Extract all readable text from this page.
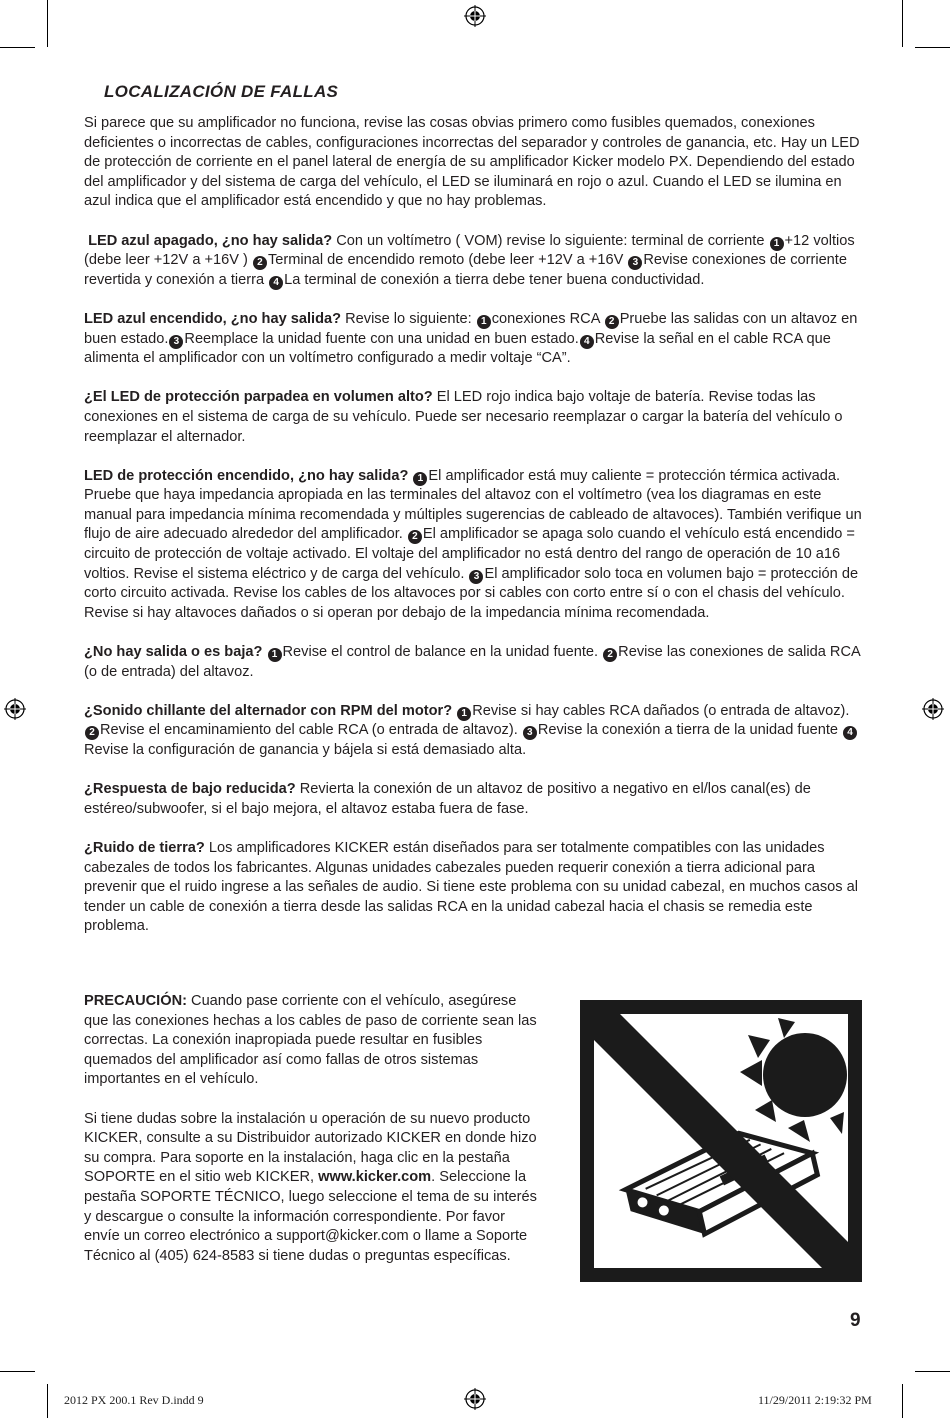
LOCALIZACIÓN DE FALLAS

Si parece que su amplificador no funciona, revise las cosas obvias primero como fusibles quemados, conexiones deficientes o incorrectas de cables, configuraciones incorrectas del separador y controles de ganancia, etc. Hay un LED de protección de corriente en el panel lateral de energía de su amplificador Kicker modelo PX. Dependiendo del estado del amplificador y del sistema de carga del vehículo, el LED se iluminará en rojo o azul. Cuando el LED se ilumina en azul indica que el amplificador está encendido y que no hay problemas.

LED azul apagado, ¿no hay salida? Con un voltímetro ( VOM) revise lo siguiente: terminal de corriente 1 +12 voltios (debe leer +12V a +16V ) 2 Terminal de encendido remoto (debe leer +12V a +16V 3 Revise conexiones de corriente revertida y conexión a tierra 4 La terminal de conexión a tierra debe tener buena conductividad.

LED azul encendido, ¿no hay salida? Revise lo siguiente: 1 conexiones RCA 2 Pruebe las salidas con un altavoz en buen estado. 3 Reemplace la unidad fuente con una unidad en buen estado. 4 Revise la señal en el cable RCA que alimenta el amplificador con un voltímetro configurado a medir voltaje “CA”.

¿El LED de protección parpadea en volumen alto? El LED rojo indica bajo voltaje de batería. Revise todas las conexiones en el sistema de carga de su vehículo. Puede ser necesario reemplazar o cargar la batería del vehículo o reemplazar el alternador.

LED de protección encendido, ¿no hay salida? 1 El amplificador está muy caliente = protección térmica activada. Pruebe que haya impedancia apropiada en las terminales del altavoz con el voltímetro (vea los diagramas en este manual para impedancia mínima recomendada y múltiples sugerencias de cableado de altavoces). También verifique un flujo de aire adecuado alrededor del amplificador. 2 El amplificador se apaga solo cuando el vehículo está encendido = circuito de protección de voltaje activado. El voltaje del amplificador no está dentro del rango de operación de 10 a16 voltios. Revise el sistema eléctrico y de carga del vehículo. 3 El amplificador solo toca en volumen bajo = protección de corto circuito activada. Revise los cables de los altavoces por si cables con corto entre sí o con el chasis del vehículo. Revise si hay altavoces dañados o si operan por debajo de la impedancia mínima recomendada.

¿No hay salida o es baja? 1 Revise el control de balance en la unidad fuente. 2 Revise las conexiones de salida RCA (o de entrada) del altavoz.

¿Sonido chillante del alternador con RPM del motor? 1 Revise si hay cables RCA dañados (o entrada de altavoz). 2 Revise el encaminamiento del cable RCA (o entrada de altavoz). 3 Revise la conexión a tierra de la unidad fuente 4Revise la configuración de ganancia y bájela si está demasiado alta.

¿Respuesta de bajo reducida? Revierta la conexión de un altavoz de positivo a negativo en el/los canal(es) de estéreo/subwoofer, si el bajo mejora, el altavoz estaba fuera de fase.

¿Ruido de tierra? Los amplificadores KICKER están diseñados para ser totalmente compatibles con las unidades cabezales de todos los fabricantes. Algunas unidades cabezales pueden requerir conexión a tierra adicional para prevenir que el ruido ingrese a las señales de audio. Si tiene este problema con su unidad cabezal, en muchos casos al tender un cable de conexión a tierra desde las salidas RCA en la unidad cabezal hacia el chasis se remedia este problema.

PRECAUCIÓN: Cuando pase corriente con el vehículo, asegúrese que las conexiones hechas a los cables de paso de corriente sean las correctas. La conexión inapropiada puede resultar en fusibles quemados del amplificador así como fallas de otros sistemas importantes en el vehículo.

Si tiene dudas sobre la instalación u operación de su nuevo producto KICKER, consulte a su Distribuidor autorizado KICKER en donde hizo su compra. Para soporte en la instalación, haga clic en la pestaña SOPORTE en el sitio web KICKER, www.kicker.com. Seleccione la pestaña SOPORTE TÉCNICO, luego seleccione el tema de su interés y descargue o consulte la información correspondiente. Por favor envíe un correo electrónico a support@kicker.com o llame a Soporte Técnico al (405) 624-8583 si tiene dudas o preguntas específicas.

9
2012 PX 200.1 Rev D.indd 9	11/29/2011 2:19:32 PM
